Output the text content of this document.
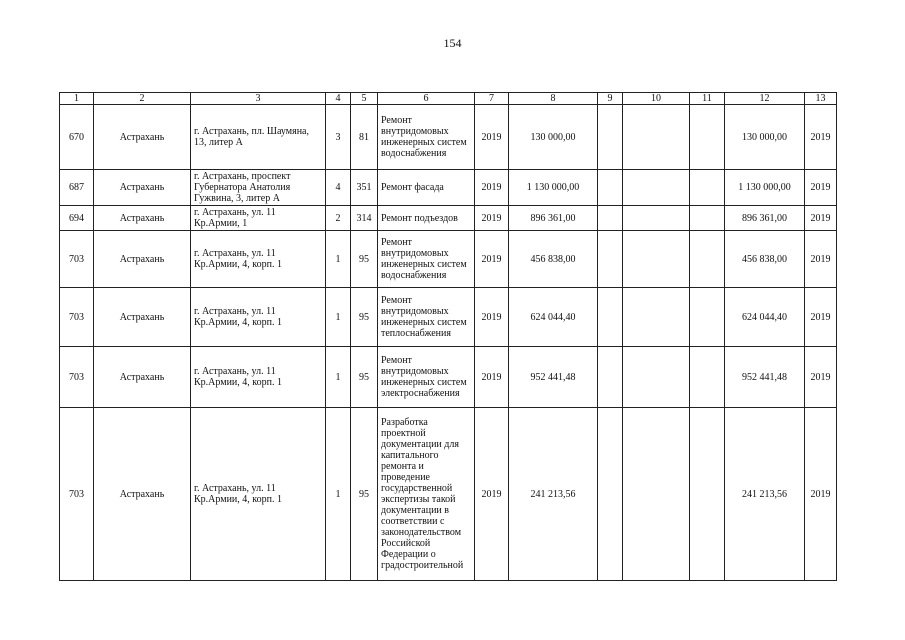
154
1	2	3	4	5	6	7	8	9	10	11	12	13
670	Астрахань	г. Астрахань, пл. Шаумяна, 13, литер А	3	81	Ремонт внутридомовых инженерных систем водоснабжения	2019	130 000,00				130 000,00	2019
687	Астрахань	г. Астрахань, проспект Губернатора Анатолия Гужвина, 3, литер А	4	351	Ремонт фасада	2019	1 130 000,00				1 130 000,00	2019
694	Астрахань	г. Астрахань, ул. 11 Кр.Армии, 1	2	314	Ремонт подъездов	2019	896 361,00				896 361,00	2019
703	Астрахань	г. Астрахань, ул. 11 Кр.Армии, 4, корп. 1	1	95	Ремонт внутридомовых инженерных систем водоснабжения	2019	456 838,00				456 838,00	2019
703	Астрахань	г. Астрахань, ул. 11 Кр.Армии, 4, корп. 1	1	95	Ремонт внутридомовых инженерных систем теплоснабжения	2019	624 044,40				624 044,40	2019
703	Астрахань	г. Астрахань, ул. 11 Кр.Армии, 4, корп. 1	1	95	Ремонт внутридомовых инженерных систем электроснабжения	2019	952 441,48				952 441,48	2019
703	Астрахань	г. Астрахань, ул. 11 Кр.Армии, 4, корп. 1	1	95	Разработка проектной документации для капитального ремонта и проведение государственной экспертизы такой документации в соответствии с законодательством Российской Федерации о градостроительной	2019	241 213,56				241 213,56	2019
